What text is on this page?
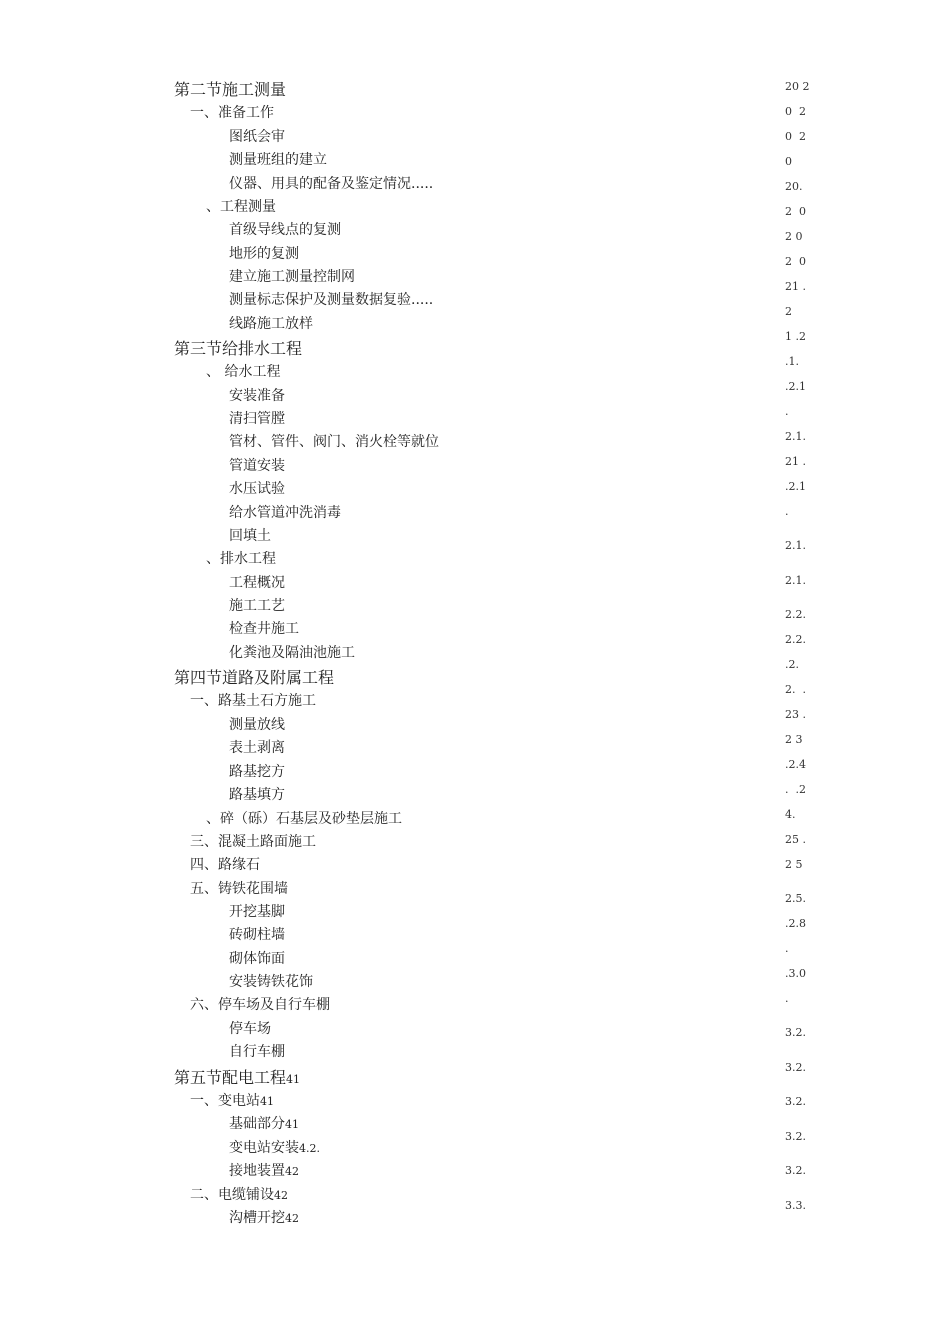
第二节施工测量
一、准备工作
图纸会审
测量班组的建立
仪器、用具的配备及鉴定情况.....
、工程测量
首级导线点的复测
地形的复测
建立施工测量控制网
测量标志保护及测量数据复验.....
线路施工放样
第三节给排水工程
、 给水工程
安装准备
清扫管膛
管材、管件、阀门、消火栓等就位
管道安装
水压试验
给水管道冲洗消毒
回填土
、排水工程
工程概况
施工工艺
检查井施工
化粪池及隔油池施工
第四节道路及附属工程
一、路基土石方施工
测量放线
表土剥离
路基挖方
路基填方
、碎（砾）石基层及砂垫层施工
三、混凝土路面施工
四、路缘石
五、铸铁花围墙
开挖基脚
砖砌柱墙
砌体饰面
安装铸铁花饰
六、停车场及自行车棚
停车场
自行车棚
第五节配电工程41
一、变电站41
基础部分41
变电站安装4.2.
接地装置42
二、电缆铺设42
沟槽开挖42
20 2
0  2
0  2
0
20.
2  0
2 0
2  0
21 .
2
1 .2
.1.
.2.1
.
2.1.
21 .
.2.1
.
2.1.
2.1.
2.2.
2.2.
.2.
2.  .
23 .
2 3
.2.4
.  .2
4.
25 .
2 5
2.5.
.2.8
.
.3.0
.
3.2.
3.2.
3.2.
3.2.
3.2.
3.3.
